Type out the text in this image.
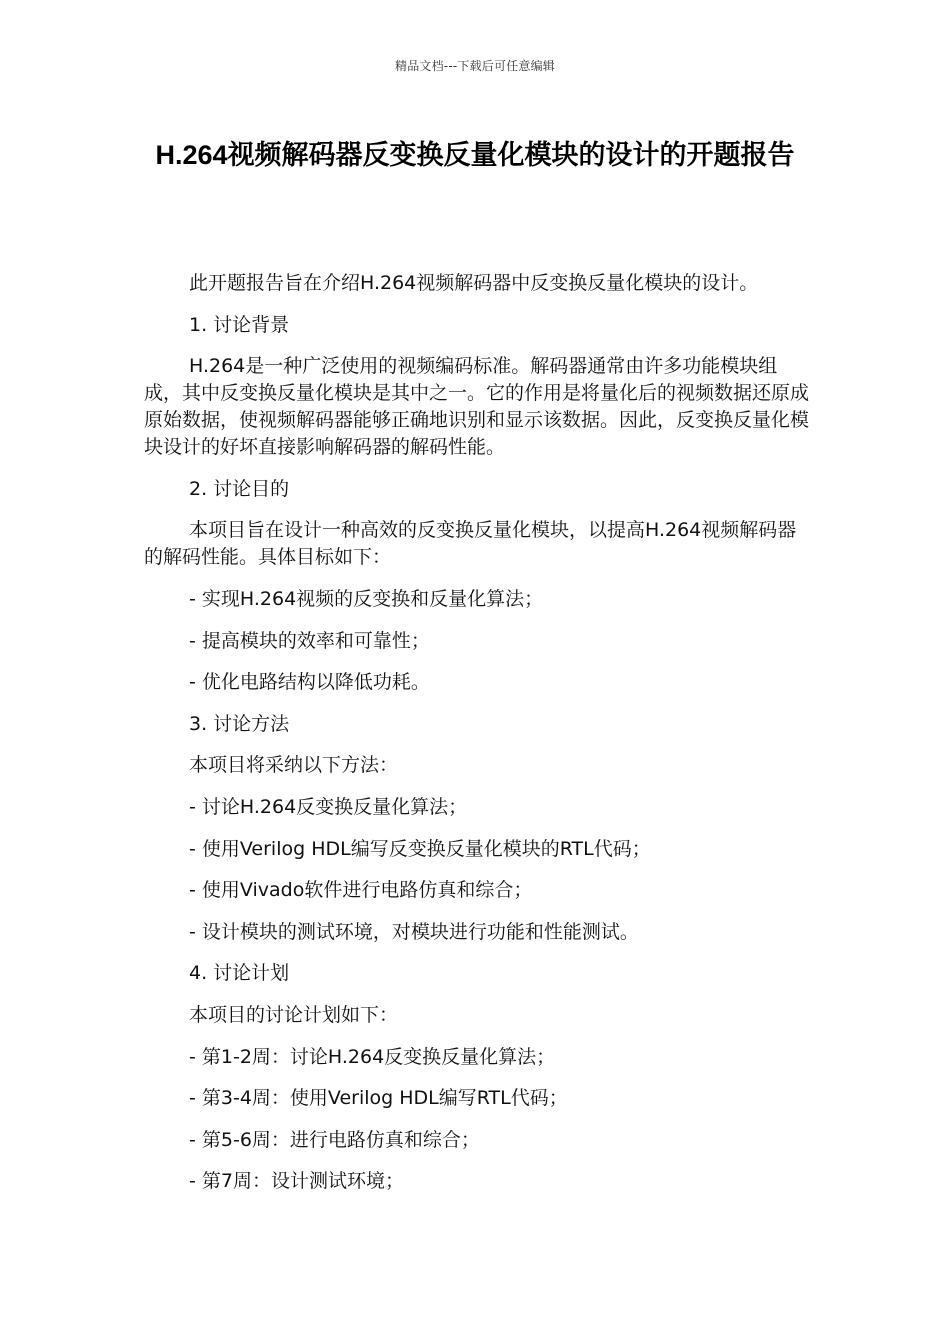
精品文档---下载后可任意编辑
H.264视频解码器反变换反量化模块的设计的开题报告

此开题报告旨在介绍H.264视频解码器中反变换反量化模块的设计。

1. 讨论背景

H.264是一种广泛使用的视频编码标准。解码器通常由许多功能模块组成，其中反变换反量化模块是其中之一。它的作用是将量化后的视频数据还原成原始数据，使视频解码器能够正确地识别和显示该数据。因此，反变换反量化模块设计的好坏直接影响解码器的解码性能。

2. 讨论目的

本项目旨在设计一种高效的反变换反量化模块，以提高H.264视频解码器的解码性能。具体目标如下：

- 实现H.264视频的反变换和反量化算法；

- 提高模块的效率和可靠性；

- 优化电路结构以降低功耗。

3. 讨论方法

本项目将采纳以下方法：

- 讨论H.264反变换反量化算法；

- 使用Verilog HDL编写反变换反量化模块的RTL代码；

- 使用Vivado软件进行电路仿真和综合；

- 设计模块的测试环境，对模块进行功能和性能测试。

4. 讨论计划

本项目的讨论计划如下：

- 第1-2周：讨论H.264反变换反量化算法；

- 第3-4周：使用Verilog HDL编写RTL代码；

- 第5-6周：进行电路仿真和综合；

- 第7周：设计测试环境；
